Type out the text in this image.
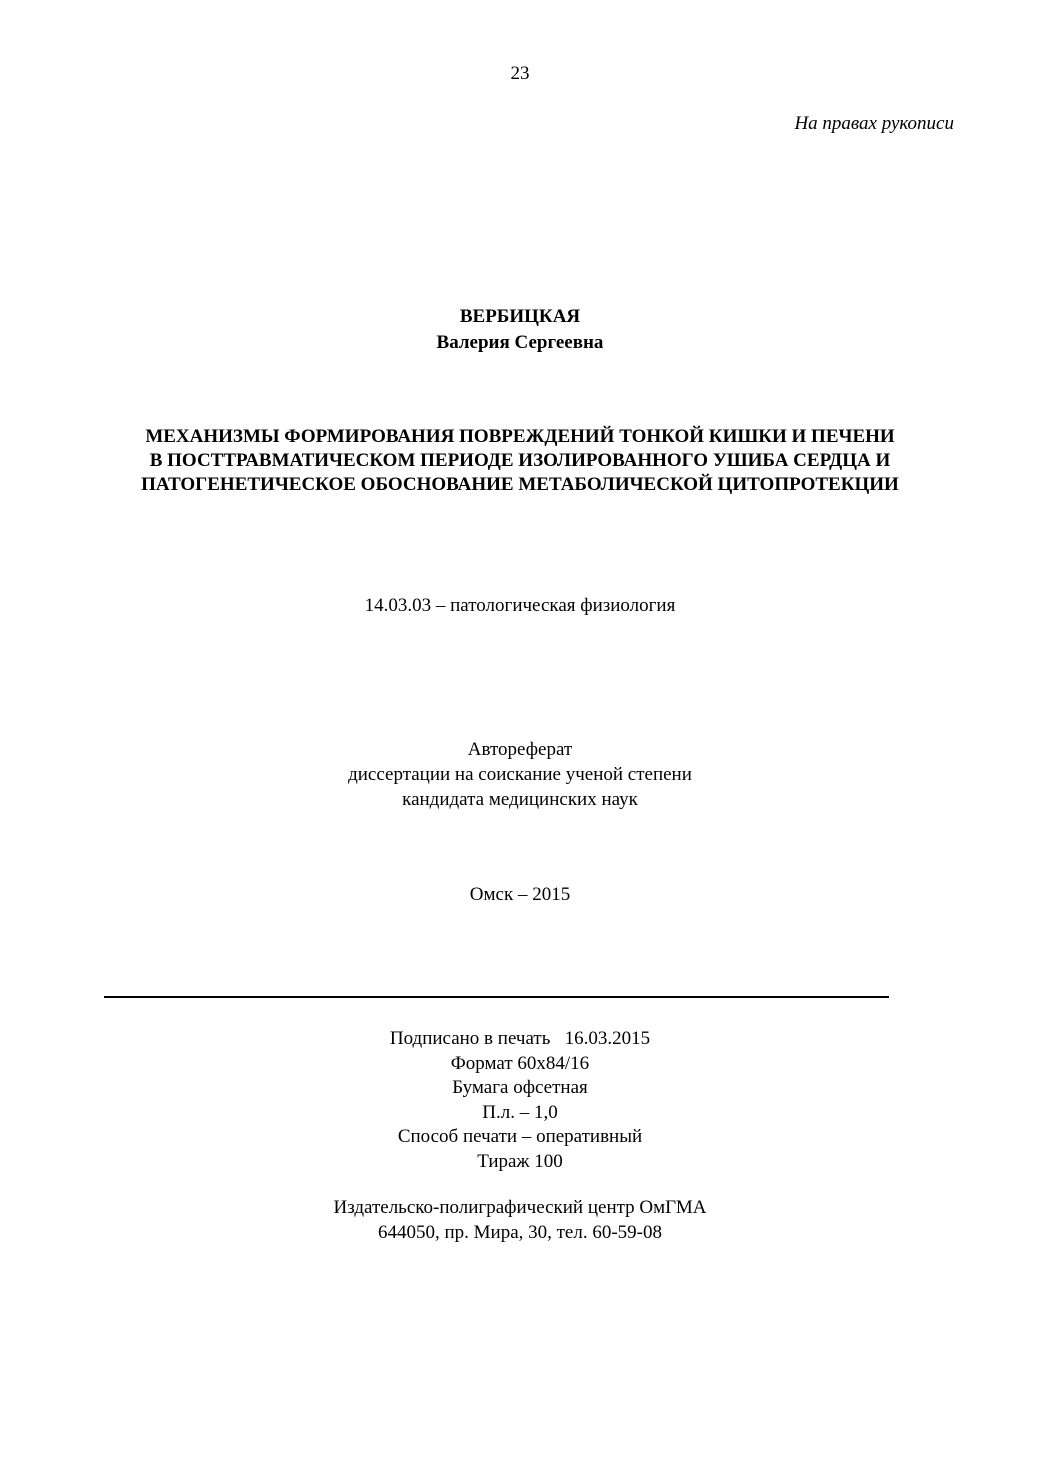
23
На правах рукописи
ВЕРБИЦКАЯ
Валерия Сергеевна
МЕХАНИЗМЫ ФОРМИРОВАНИЯ ПОВРЕЖДЕНИЙ ТОНКОЙ КИШКИ И ПЕЧЕНИ
В ПОСТТРАВМАТИЧЕСКОМ ПЕРИОДЕ ИЗОЛИРОВАННОГО УШИБА СЕРДЦА И
ПАТОГЕНЕТИЧЕСКОЕ ОБОСНОВАНИЕ МЕТАБОЛИЧЕСКОЙ ЦИТОПРОТЕКЦИИ
14.03.03 – патологическая физиология
Автореферат
диссертации на соискание ученой степени
кандидата медицинских наук
Омск – 2015
Подписано в печать   16.03.2015
Формат 60х84/16
Бумага офсетная
П.л. – 1,0
Способ печати – оперативный
Тираж 100
Издательско-полиграфический центр ОмГМА
644050, пр. Мира, 30, тел. 60-59-08
